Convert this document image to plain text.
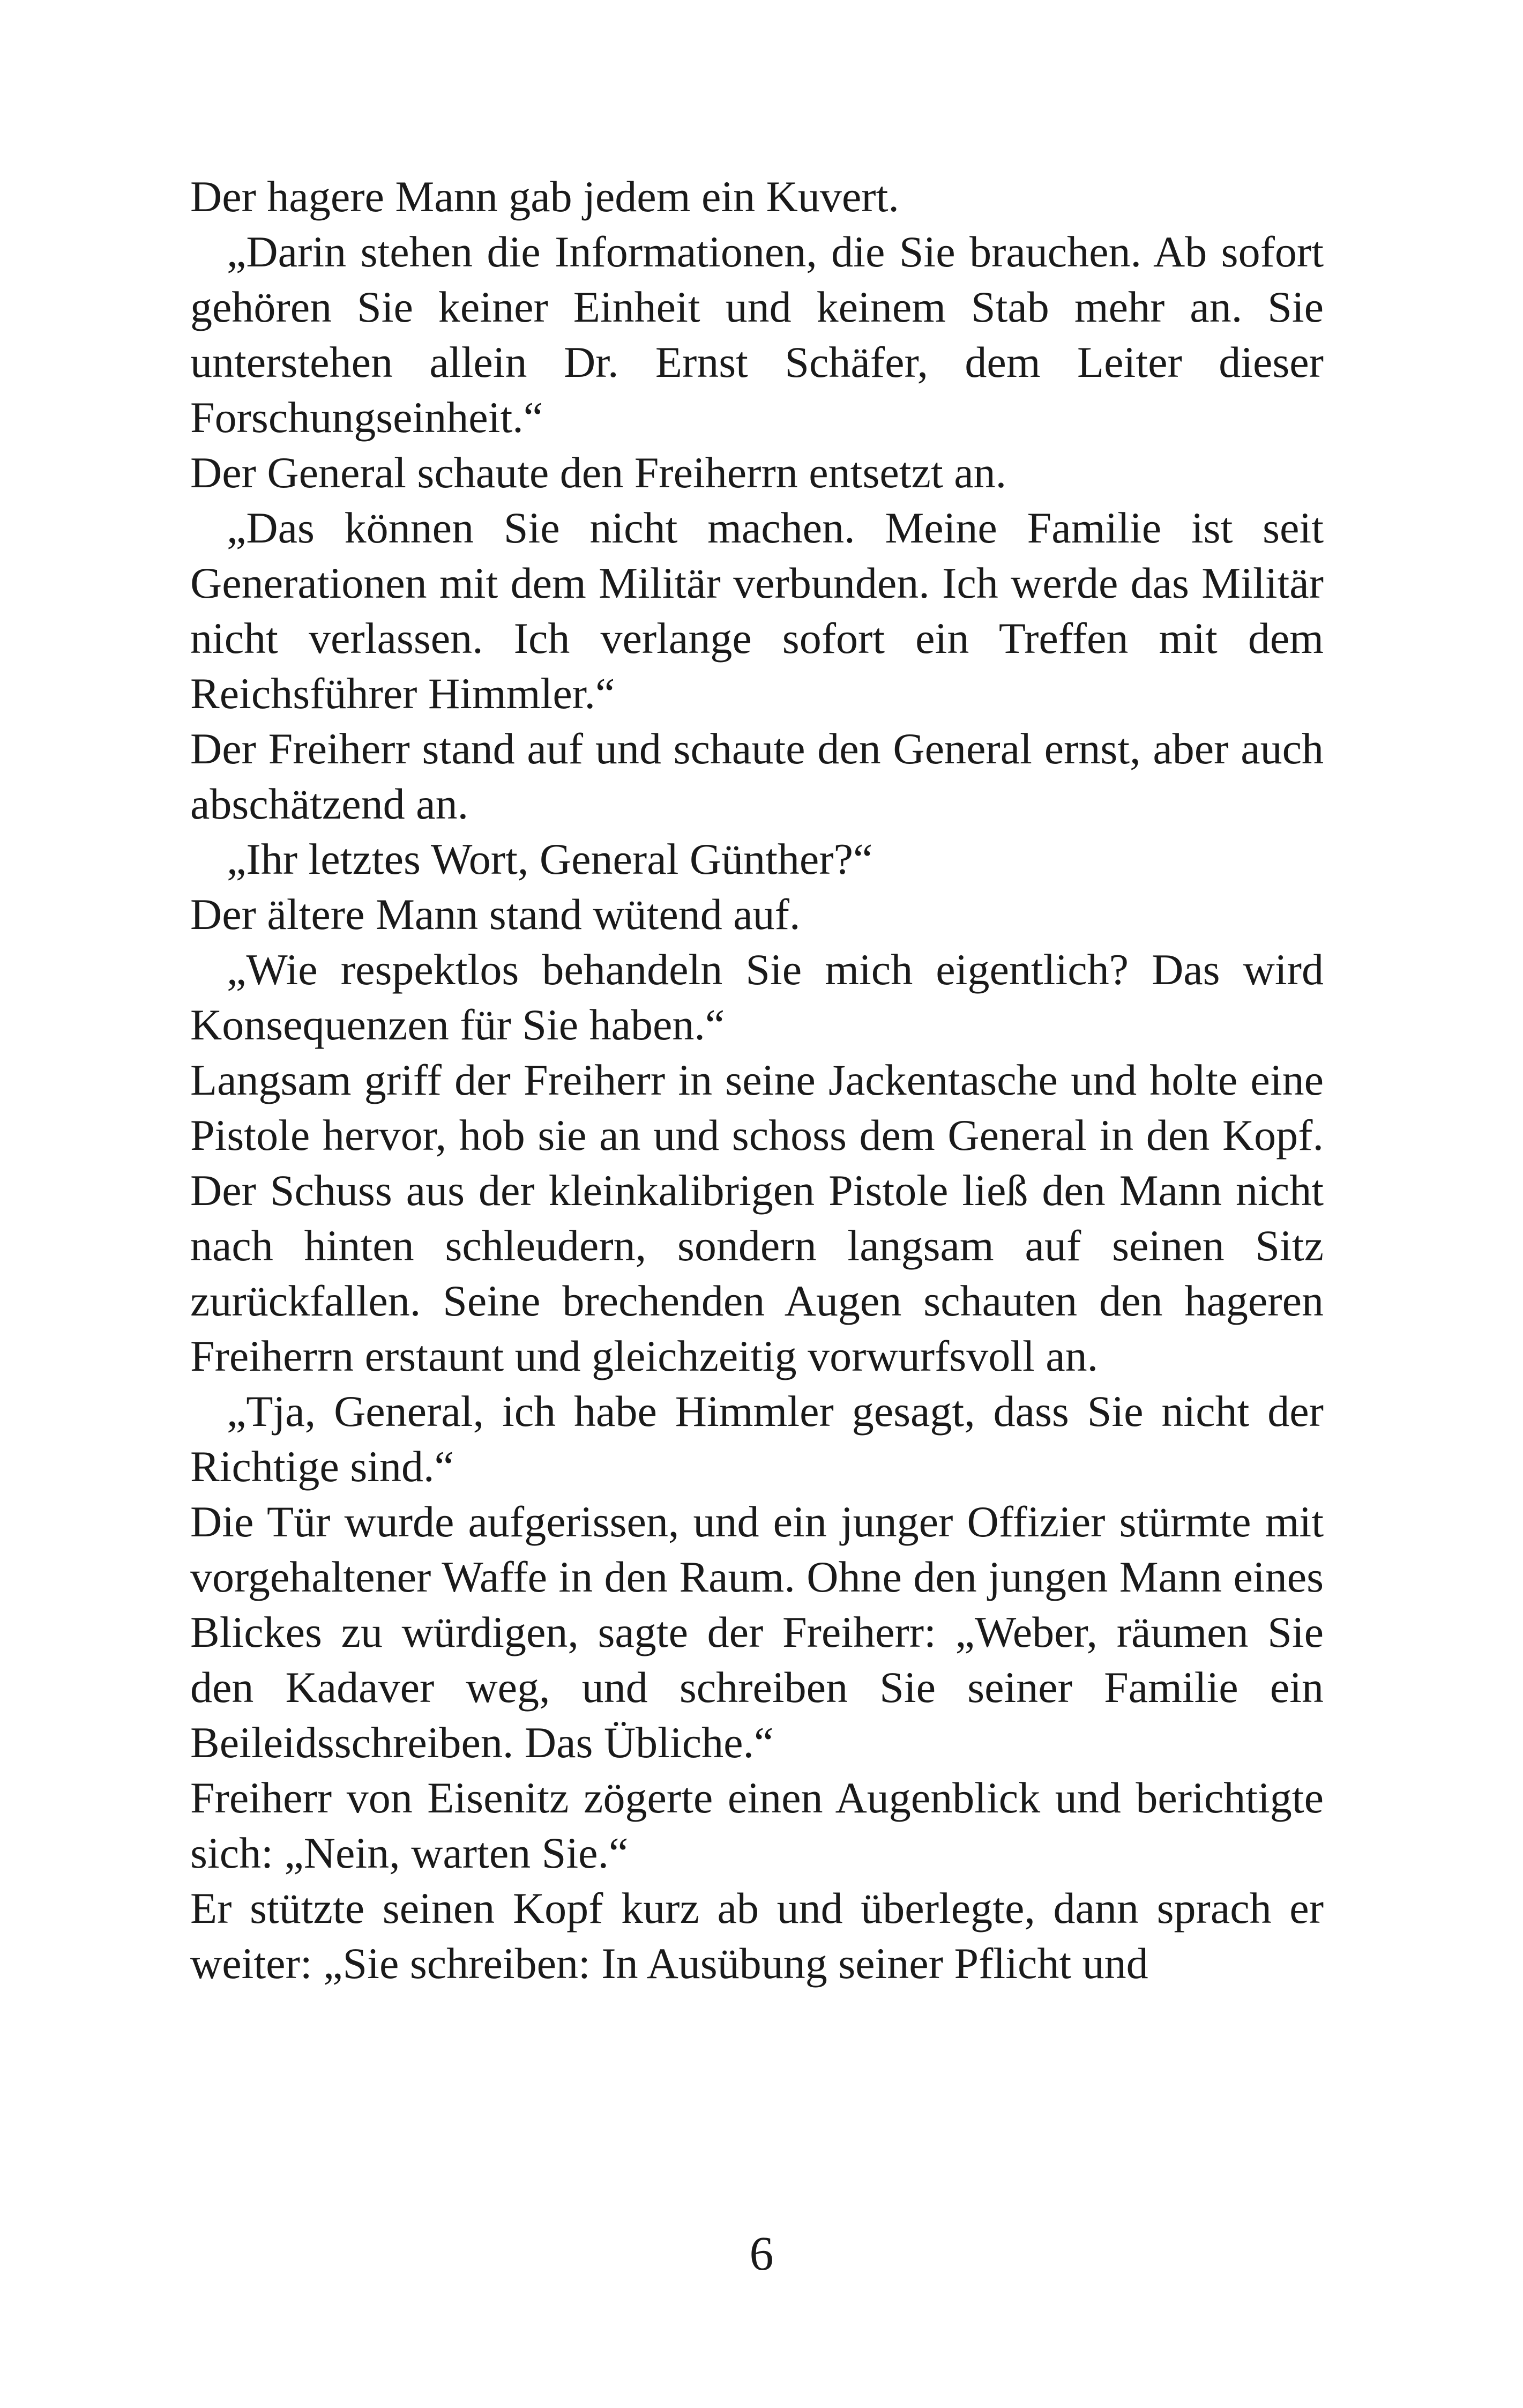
Der hagere Mann gab jedem ein Kuvert.

„Darin stehen die Informationen, die Sie brauchen. Ab sofort gehören Sie keiner Einheit und keinem Stab mehr an. Sie unterstehen allein Dr. Ernst Schäfer, dem Leiter dieser Forschungseinheit.“

Der General schaute den Freiherrn entsetzt an.

„Das können Sie nicht machen. Meine Familie ist seit Generationen mit dem Militär verbunden. Ich werde das Militär nicht verlassen. Ich verlange sofort ein Treffen mit dem Reichsführer Himmler.“

Der Freiherr stand auf und schaute den General ernst, aber auch abschätzend an.

„Ihr letztes Wort, General Günther?“

Der ältere Mann stand wütend auf.

„Wie respektlos behandeln Sie mich eigentlich? Das wird Konsequenzen für Sie haben.“

Langsam griff der Freiherr in seine Jackentasche und holte eine Pistole hervor, hob sie an und schoss dem General in den Kopf. Der Schuss aus der kleinkalibrigen Pistole ließ den Mann nicht nach hinten schleudern, sondern langsam auf seinen Sitz zurückfallen. Seine brechenden Augen schauten den hageren Freiherrn erstaunt und gleichzeitig vorwurfsvoll an.

„Tja, General, ich habe Himmler gesagt, dass Sie nicht der Richtige sind.“

Die Tür wurde aufgerissen, und ein junger Offizier stürmte mit vorgehaltener Waffe in den Raum. Ohne den jungen Mann eines Blickes zu würdigen, sagte der Freiherr: „Weber, räumen Sie den Kadaver weg, und schreiben Sie seiner Familie ein Beileidsschreiben. Das Übliche.“

Freiherr von Eisenitz zögerte einen Augenblick und berichtigte sich: „Nein, warten Sie.“

Er stützte seinen Kopf kurz ab und überlegte, dann sprach er weiter: „Sie schreiben: In Ausübung seiner Pflicht und

6
